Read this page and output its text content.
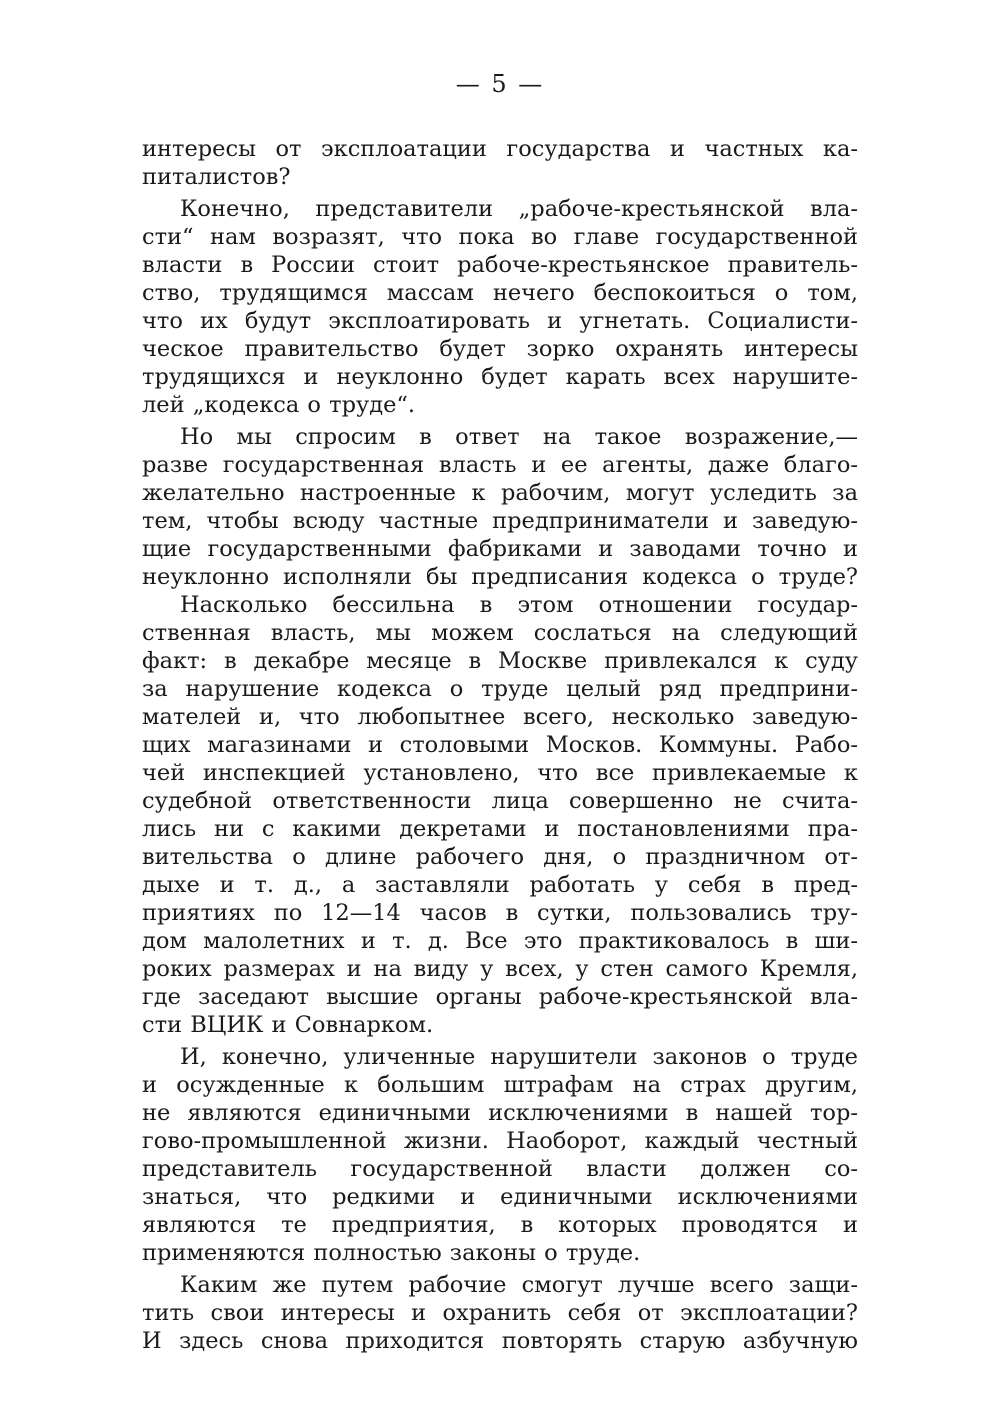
— 5 —
интересы от эксплоатации государства и частных ка-
питалистов?
Конечно, представители „рабоче-крестьянской вла-
сти“ нам возразят, что пока во главе государственной
власти в России стоит рабоче-крестьянское правитель-
ство, трудящимся массам нечего беспокоиться о том,
что их будут эксплоатировать и угнетать. Социалисти-
ческое правительство будет зорко охранять интересы
трудящихся и неуклонно будет карать всех нарушите-
лей „кодекса о труде“.
Но мы спросим в ответ на такое возражение,—
разве государственная власть и ее агенты, даже благо-
желательно настроенные к рабочим, могут уследить за
тем, чтобы всюду частные предприниматели и заведую-
щие государственными фабриками и заводами точно и
неуклонно исполняли бы предписания кодекса о труде?
Насколько бессильна в этом отношении государ-
ственная власть, мы можем сослаться на следующий
факт: в декабре месяце в Москве привлекался к суду
за нарушение кодекса о труде целый ряд предприни-
мателей и, что любопытнее всего, несколько заведую-
щих магазинами и столовыми Москов. Коммуны. Рабо-
чей инспекцией установлено, что все привлекаемые к
судебной ответственности лица совершенно не счита-
лись ни с какими декретами и постановлениями пра-
вительства о длине рабочего дня, о праздничном от-
дыхе и т. д., а заставляли работать у себя в пред-
приятиях по 12—14 часов в сутки, пользовались тру-
дом малолетних и т. д. Все это практиковалось в ши-
роких размерах и на виду у всех, у стен самого Кремля,
где заседают высшие органы рабоче-крестьянской вла-
сти ВЦИК и Совнарком.
И, конечно, уличенные нарушители законов о труде
и осужденные к большим штрафам на страх другим,
не являются единичными исключениями в нашей тор-
гово-промышленной жизни. Наоборот, каждый честный
представитель государственной власти должен со-
знаться, что редкими и единичными исключениями
являются те предприятия, в которых проводятся и
применяются полностью законы о труде.
Каким же путем рабочие смогут лучше всего защи-
тить свои интересы и охранить себя от эксплоатации?
И здесь снова приходится повторять старую азбучную
